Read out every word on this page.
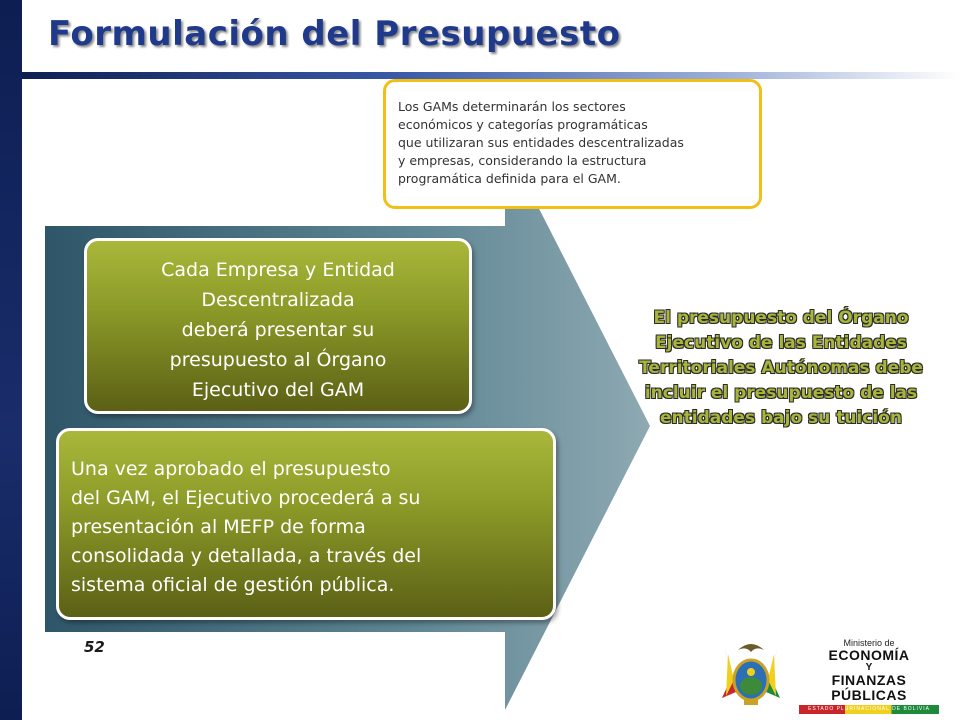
Formulación del Presupuesto
Los GAMs determinarán los sectores
económicos y categorías programáticas
que utilizaran sus entidades descentralizadas
y empresas, considerando la estructura
programática definida para el GAM.
Cada Empresa y Entidad
Descentralizada
deberá presentar su
presupuesto al Órgano
Ejecutivo del GAM
Una vez aprobado el presupuesto
del GAM, el Ejecutivo procederá a su
presentación al MEFP de forma
consolidada y detallada, a través del
sistema oficial de gestión pública.
El presupuesto del Órgano
Ejecutivo de las Entidades
Territoriales Autónomas debe
incluir el presupuesto de las
entidades bajo su tuición
52	Ministerio de
ECONOMÍA
Y
FINANZAS PÚBLICAS
ESTADO PLURINACIONAL DE BOLIVIA
